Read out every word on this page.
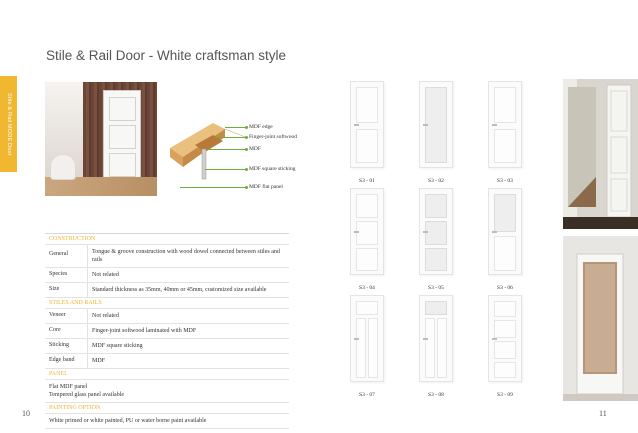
Stile & Rail MODE Door
Stile & Rail Door - White craftsman style
MDF edge
Finger-joint softwood
MDF
MDF square sticking
MDF flat panel
CONSTRUCTION
General	Tongue & groove construction with wood dowel connected between stiles and rails
Species	Not related
Size	Standard thickness as 35mm, 40mm or 45mm, customized size available
STILES AND RAILS
Veneer	Not related
Core	Finger-joint softwood laminated with MDF
Sticking	MDF square sticking
Edge band	MDF
PANEL
Flat MDF panel
Tempered glass panel available
PAINTING OPTION
White primed or white painted, PU or water borne paint available
10	11
S3 - 01	S3 - 02	S3 - 03
S3 - 04	S3 - 05	S3 - 06
S3 - 07	S3 - 08	S3 - 09
